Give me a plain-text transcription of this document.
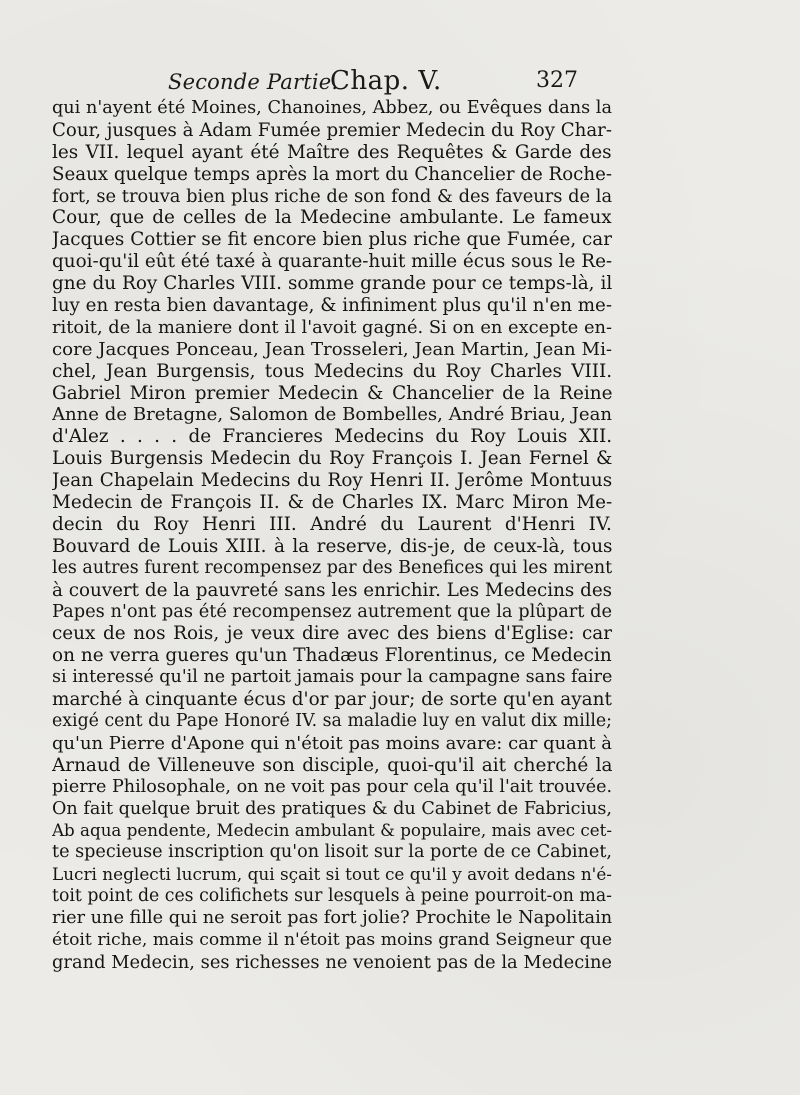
Seconde Partie.
Chap. V.	327
qui n'ayent été Moines, Chanoines, Abbez, ou Evêques dans la
Cour, jusques à Adam Fumée premier Medecin du Roy Char-
les VII. lequel ayant été Maître des Requêtes & Garde des
Seaux quelque temps après la mort du Chancelier de Roche-
fort, se trouva bien plus riche de son fond & des faveurs de la
Cour, que de celles de la Medecine ambulante. Le fameux
Jacques Cottier se fit encore bien plus riche que Fumée, car
quoi-qu'il eût été taxé à quarante-huit mille écus sous le Re-
gne du Roy Charles VIII. somme grande pour ce temps-là, il
luy en resta bien davantage, & infiniment plus qu'il n'en me-
ritoit, de la maniere dont il l'avoit gagné. Si on en excepte en-
core Jacques Ponceau, Jean Trosseleri, Jean Martin, Jean Mi-
chel, Jean Burgensis, tous Medecins du Roy Charles VIII.
Gabriel Miron premier Medecin & Chancelier de la Reine
Anne de Bretagne, Salomon de Bombelles, André Briau, Jean
d'Alez . . . . de Francieres Medecins du Roy Louis XII.
Louis Burgensis Medecin du Roy François I. Jean Fernel &
Jean Chapelain Medecins du Roy Henri II. Jerôme Montuus
Medecin de François II. & de Charles IX. Marc Miron Me-
decin du Roy Henri III. André du Laurent d'Henri IV.
Bouvard de Louis XIII. à la reserve, dis-je, de ceux-là, tous
les autres furent recompensez par des Benefices qui les mirent
à couvert de la pauvreté sans les enrichir. Les Medecins des
Papes n'ont pas été recompensez autrement que la plûpart de
ceux de nos Rois, je veux dire avec des biens d'Eglise: car
on ne verra gueres qu'un Thadæus Florentinus, ce Medecin
si interessé qu'il ne partoit jamais pour la campagne sans faire
marché à cinquante écus d'or par jour; de sorte qu'en ayant
exigé cent du Pape Honoré IV. sa maladie luy en valut dix mille;
qu'un Pierre d'Apone qui n'étoit pas moins avare: car quant à
Arnaud de Villeneuve son disciple, quoi-qu'il ait cherché la
pierre Philosophale, on ne voit pas pour cela qu'il l'ait trouvée.
On fait quelque bruit des pratiques & du Cabinet de Fabricius,
Ab aqua pendente, Medecin ambulant & populaire, mais avec cet-
te specieuse inscription qu'on lisoit sur la porte de ce Cabinet,
Lucri neglecti lucrum, qui sçait si tout ce qu'il y avoit dedans n'é-
toit point de ces colifichets sur lesquels à peine pourroit-on ma-
rier une fille qui ne seroit pas fort jolie? Prochite le Napolitain
étoit riche, mais comme il n'étoit pas moins grand Seigneur que
grand Medecin, ses richesses ne venoient pas de la Medecine
